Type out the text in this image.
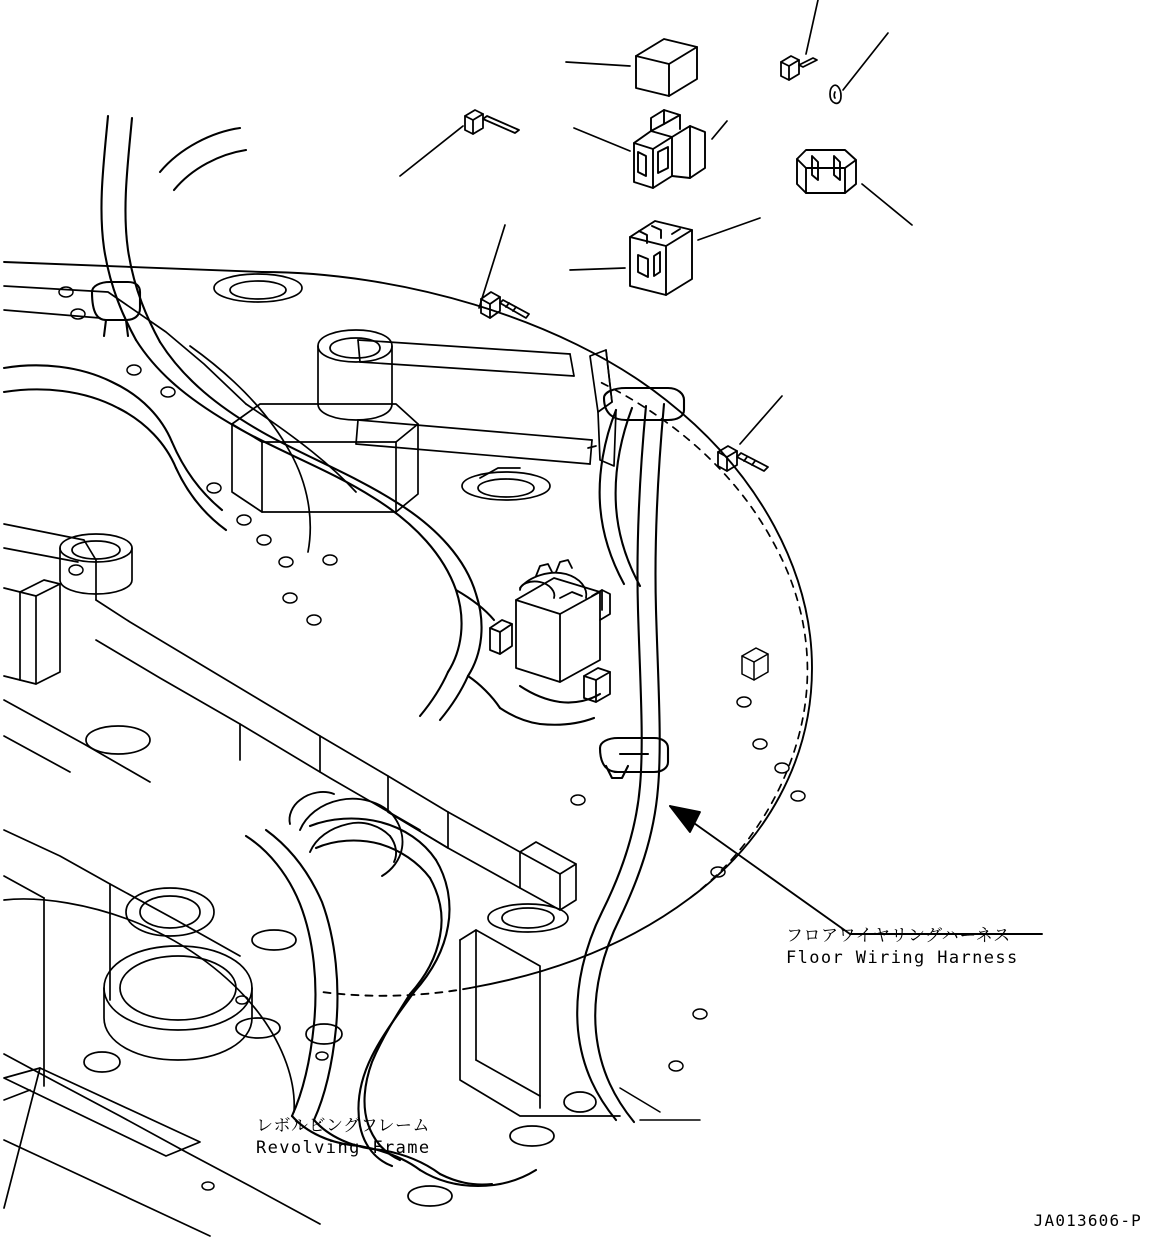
フロアワイヤリングハーネス
Floor Wiring Harness
レボルビングフレーム
Revolving Frame
JA013606-P
